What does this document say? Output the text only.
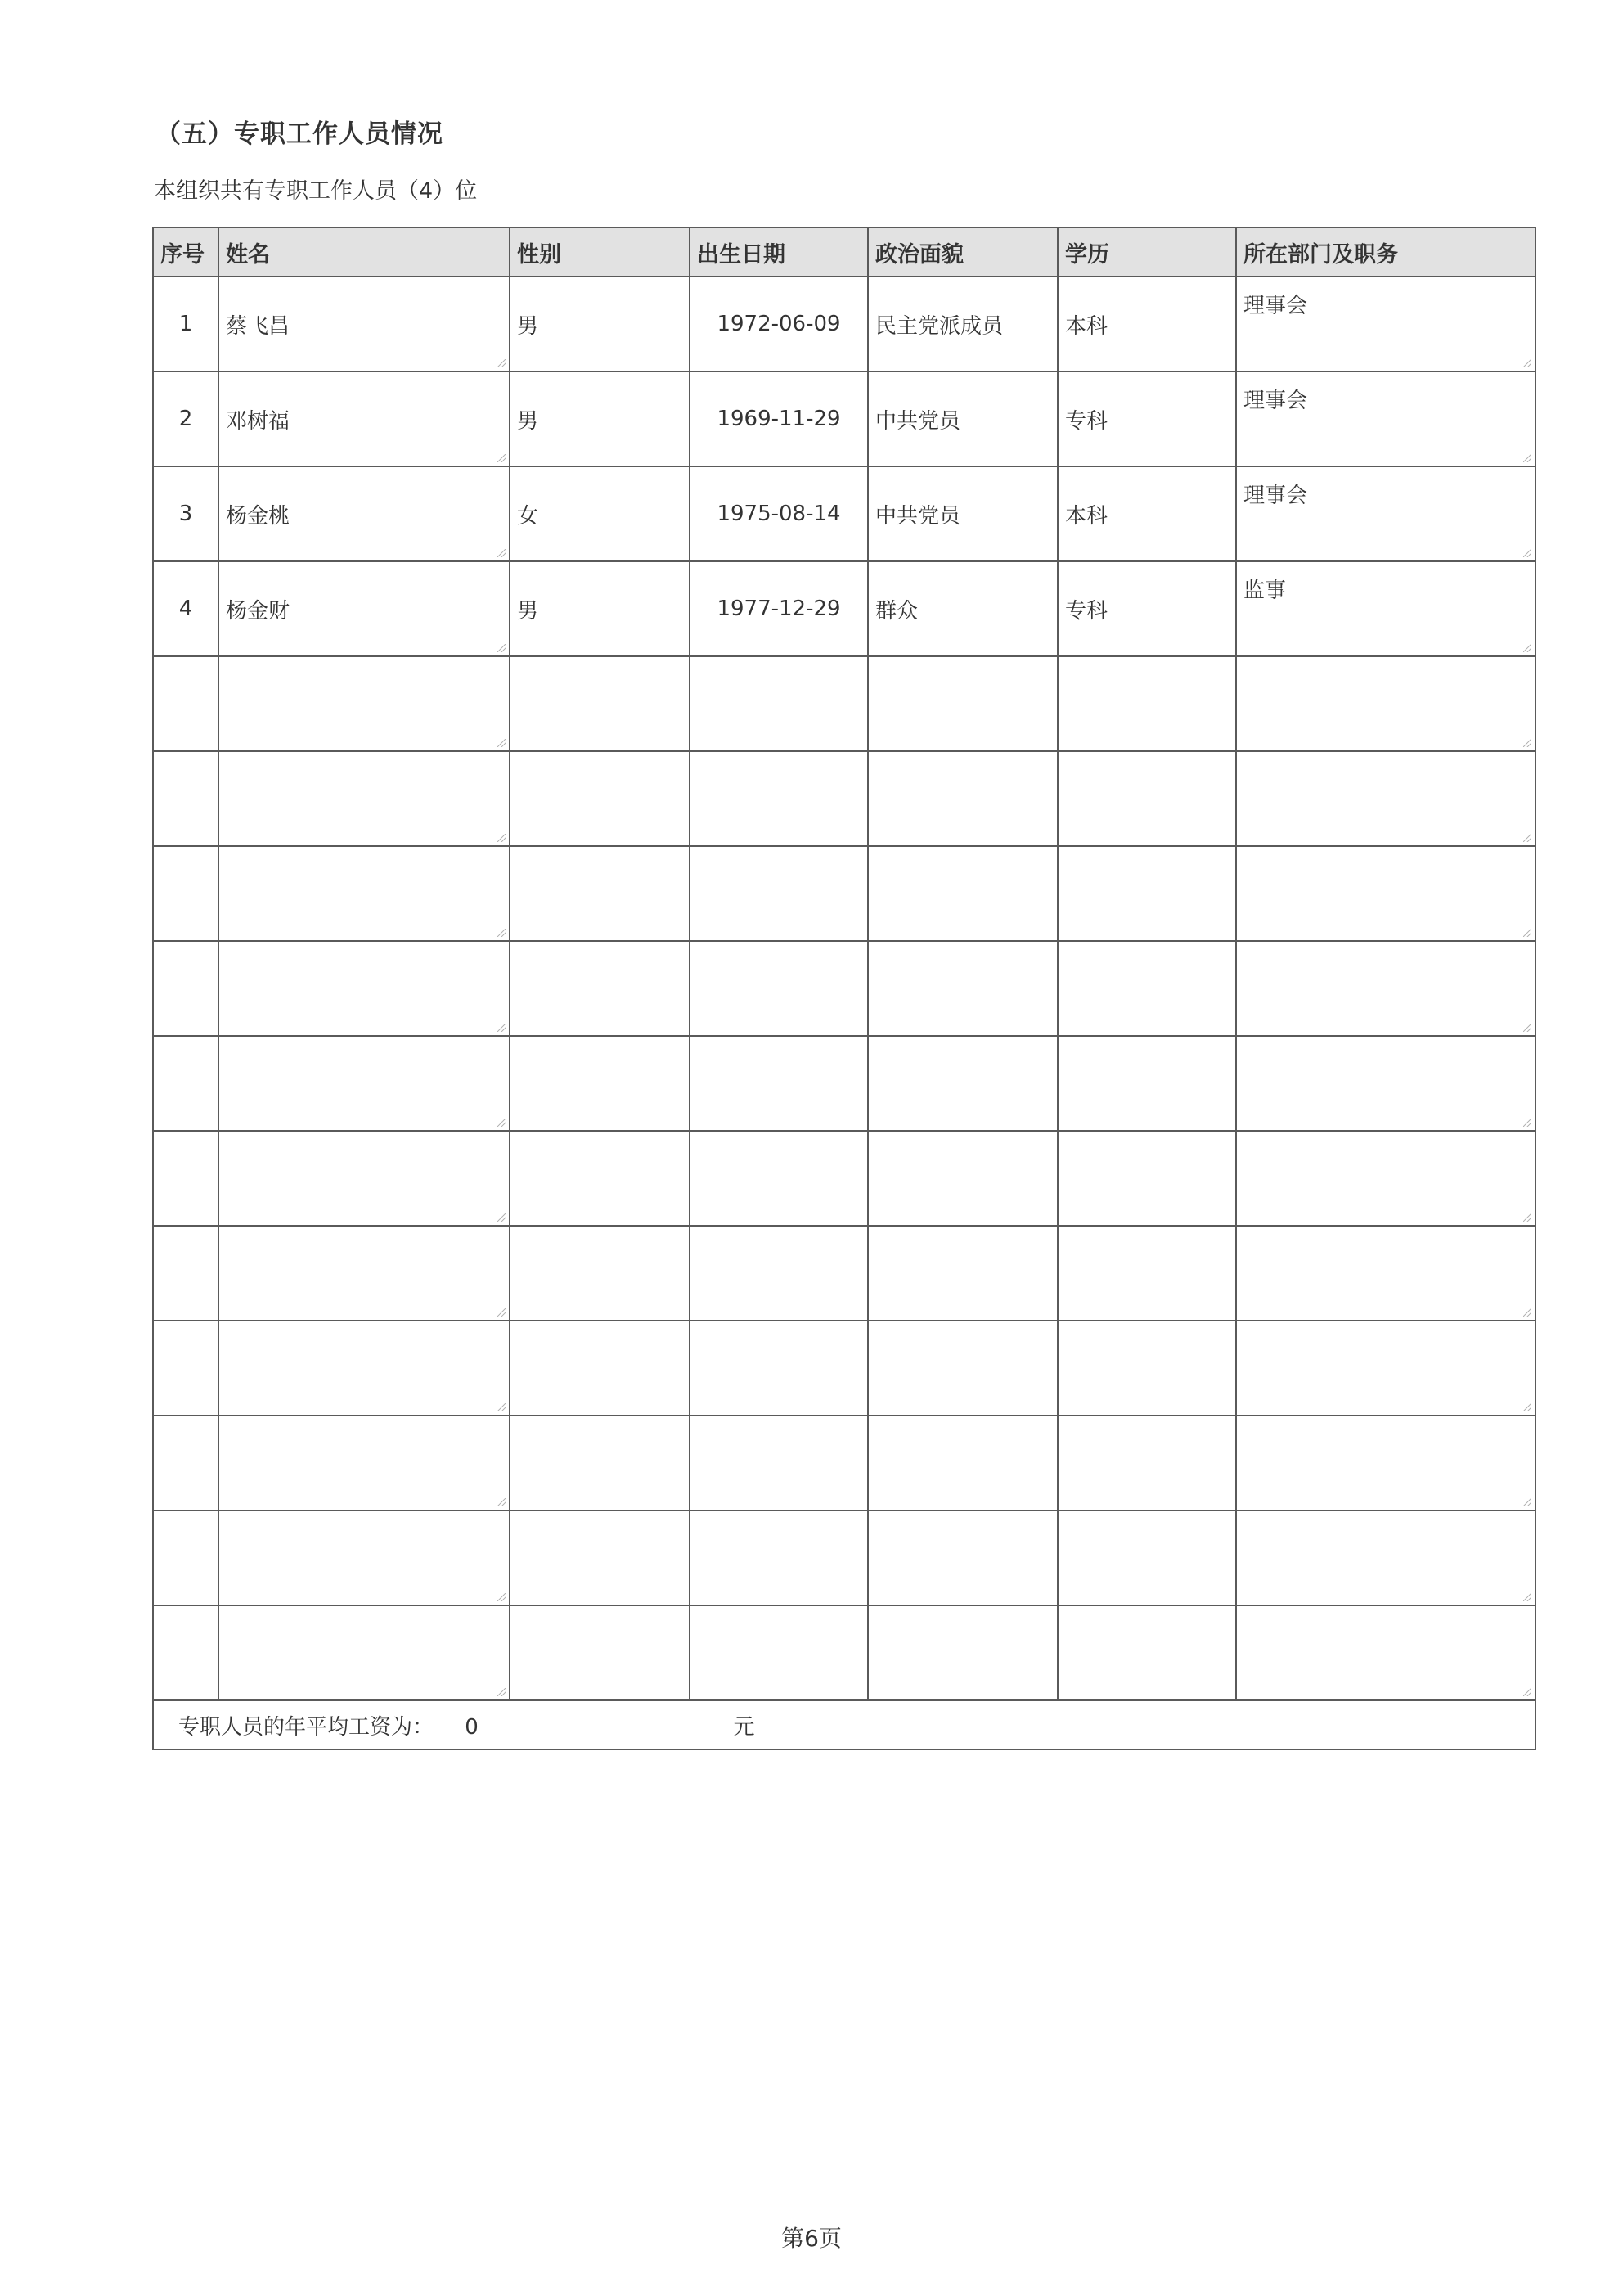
（五）专职工作人员情况
本组织共有专职工作人员（4）位
序号	姓名	性别	出生日期	政治面貌	学历	所在部门及职务
1	蔡飞昌	男	1972-06-09	民主党派成员	本科	理事会

2	邓树福	男	1969-11-29	中共党员	专科	理事会

3	杨金桃	女	1975-08-14	中共党员	本科	理事会

4	杨金财	男	1977-12-29	群众	专科	监事

专职人员的年平均工资为： 0 元						
第6页
